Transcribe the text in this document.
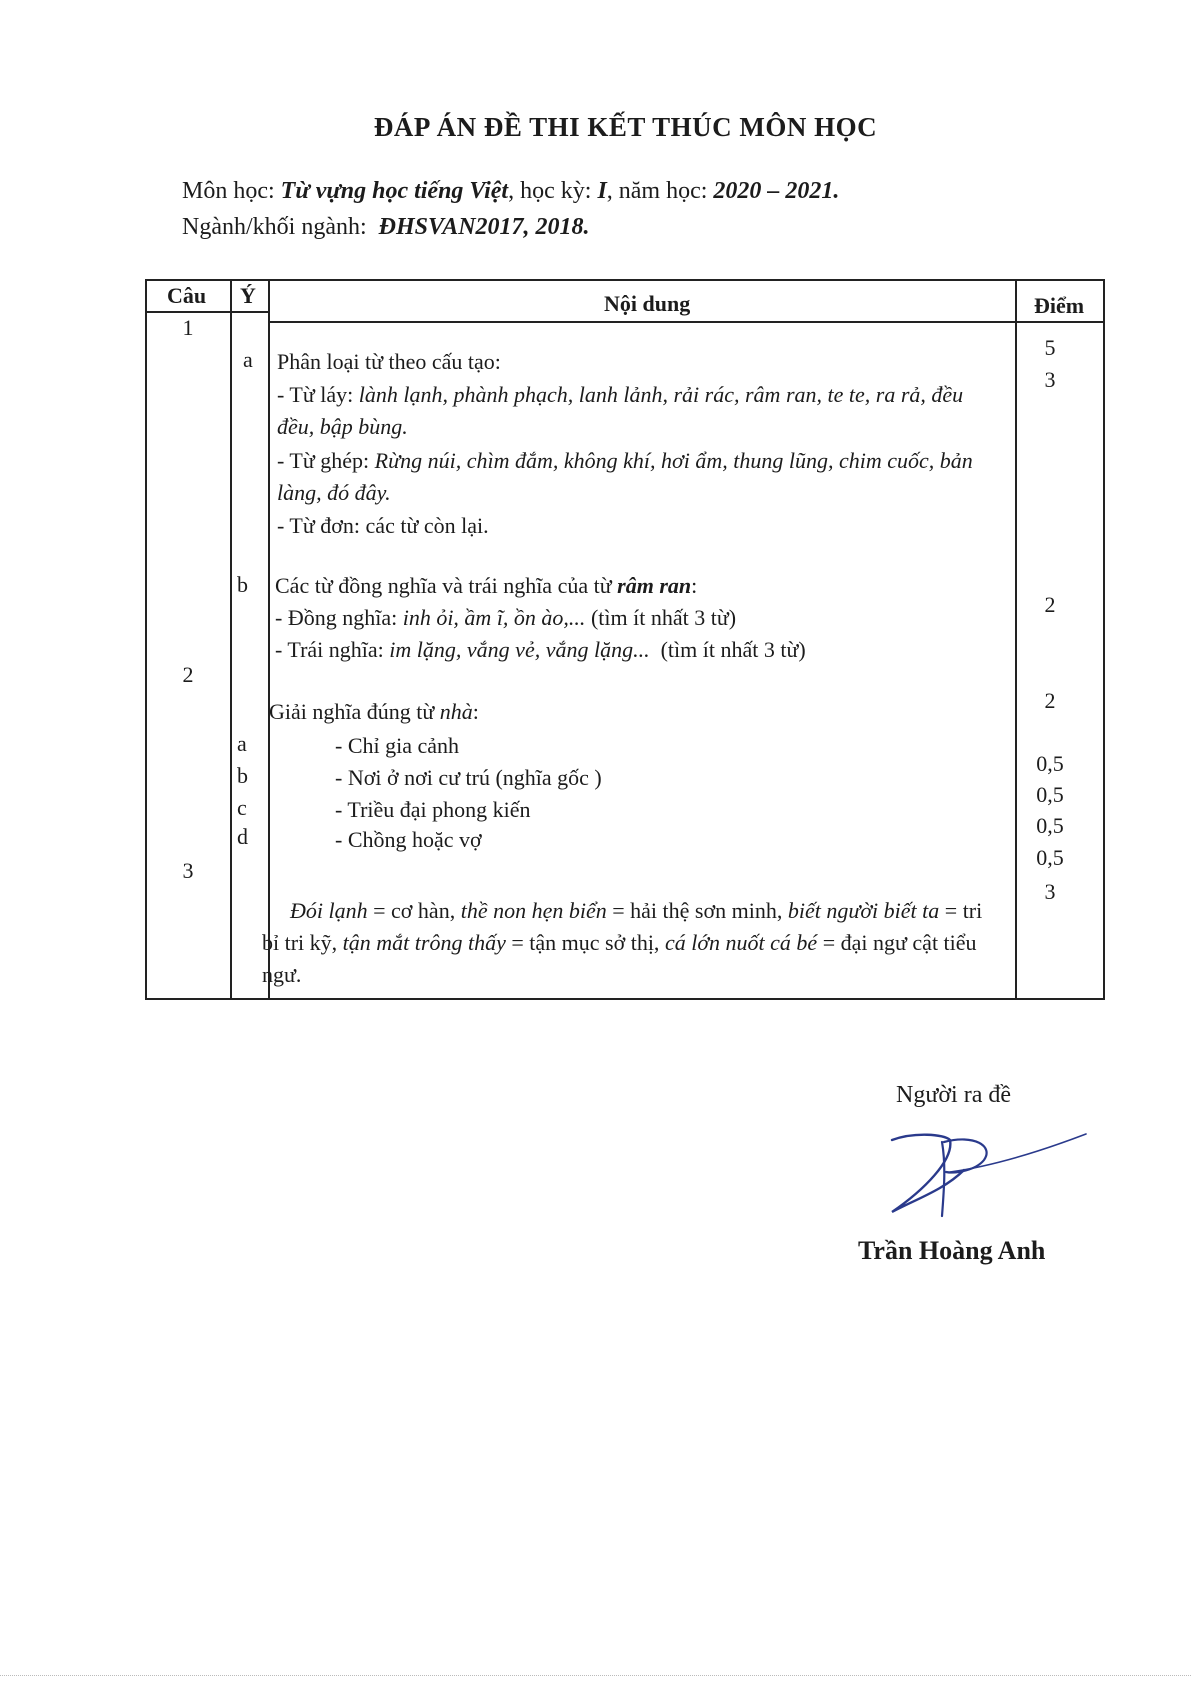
ĐÁP ÁN ĐỀ THI KẾT THÚC MÔN HỌC
Môn học: Từ vựng học tiếng Việt, học kỳ: I, năm học: 2020 – 2021.
Ngành/khối ngành: ĐHSVAN2017, 2018.
Câu Ý	Nội dung	Điểm
1
2
3
5
3
2
2
0,5
0,5
0,5
0,5
3
a Phân loại từ theo cấu tạo:
- Từ láy: lành lạnh, phành phạch, lanh lảnh, rải rác, râm ran, te te, ra rả, đều đều, bập bùng.
- Từ ghép: Rừng núi, chìm đắm, không khí, hơi ẩm, thung lũng, chim cuốc, bản làng, đó đây.
- Từ đơn: các từ còn lại.
b Các từ đồng nghĩa và trái nghĩa của từ râm ran:
- Đồng nghĩa: inh ỏi, ầm ĩ, ồn ào,... (tìm ít nhất 3 từ)
- Trái nghĩa: im lặng, vắng vẻ, vắng lặng... (tìm ít nhất 3 từ)
Giải nghĩa đúng từ nhà:
a
b
c
d
- Chỉ gia cảnh
- Nơi ở nơi cư trú (nghĩa gốc )
- Triều đại phong kiến
- Chồng hoặc vợ
Đói lạnh = cơ hàn, thề non hẹn biển = hải thệ sơn minh, biết người biết ta = tri bỉ tri kỹ, tận mắt trông thấy = tận mục sở thị, cá lớn nuốt cá bé = đại ngư cật tiểu ngư.
Người ra đề
Trần Hoàng Anh
